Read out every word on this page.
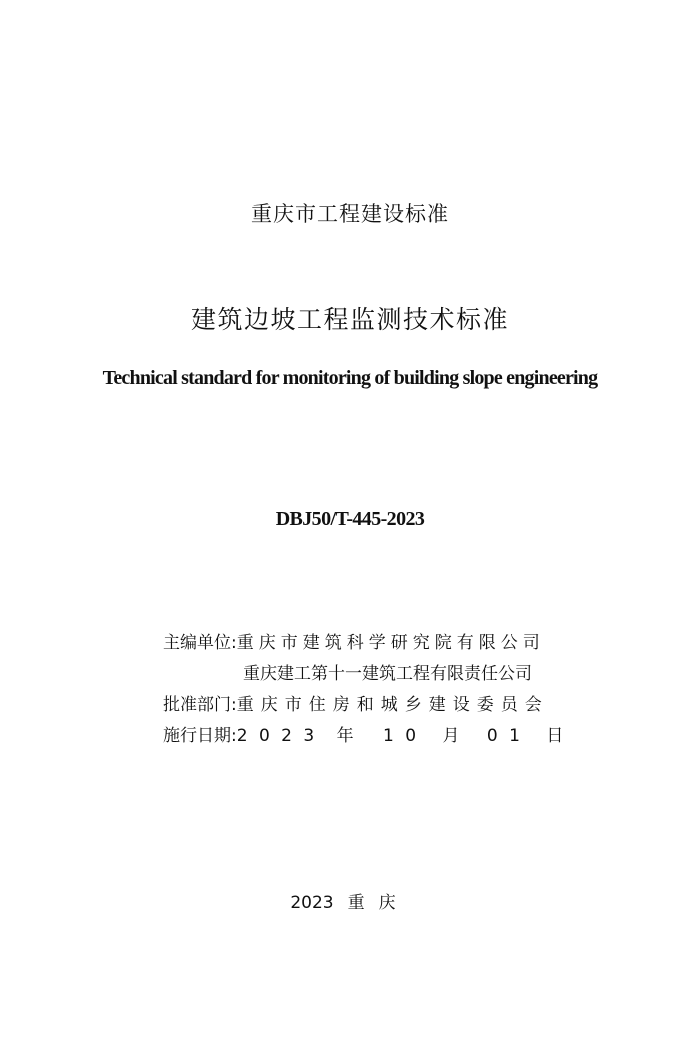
重庆市工程建设标准
建筑边坡工程监测技术标准
Technical standard for monitoring of building slope engineering
DBJ50/T-445-2023
主编单位:重庆市建筑科学研究院有限公司
重庆建工第十一建筑工程有限责任公司
批准部门:重庆市住房和城乡建设委员会
施行日期:2 0 2 3 年 1 0 月 0 1 日
2023 重庆
